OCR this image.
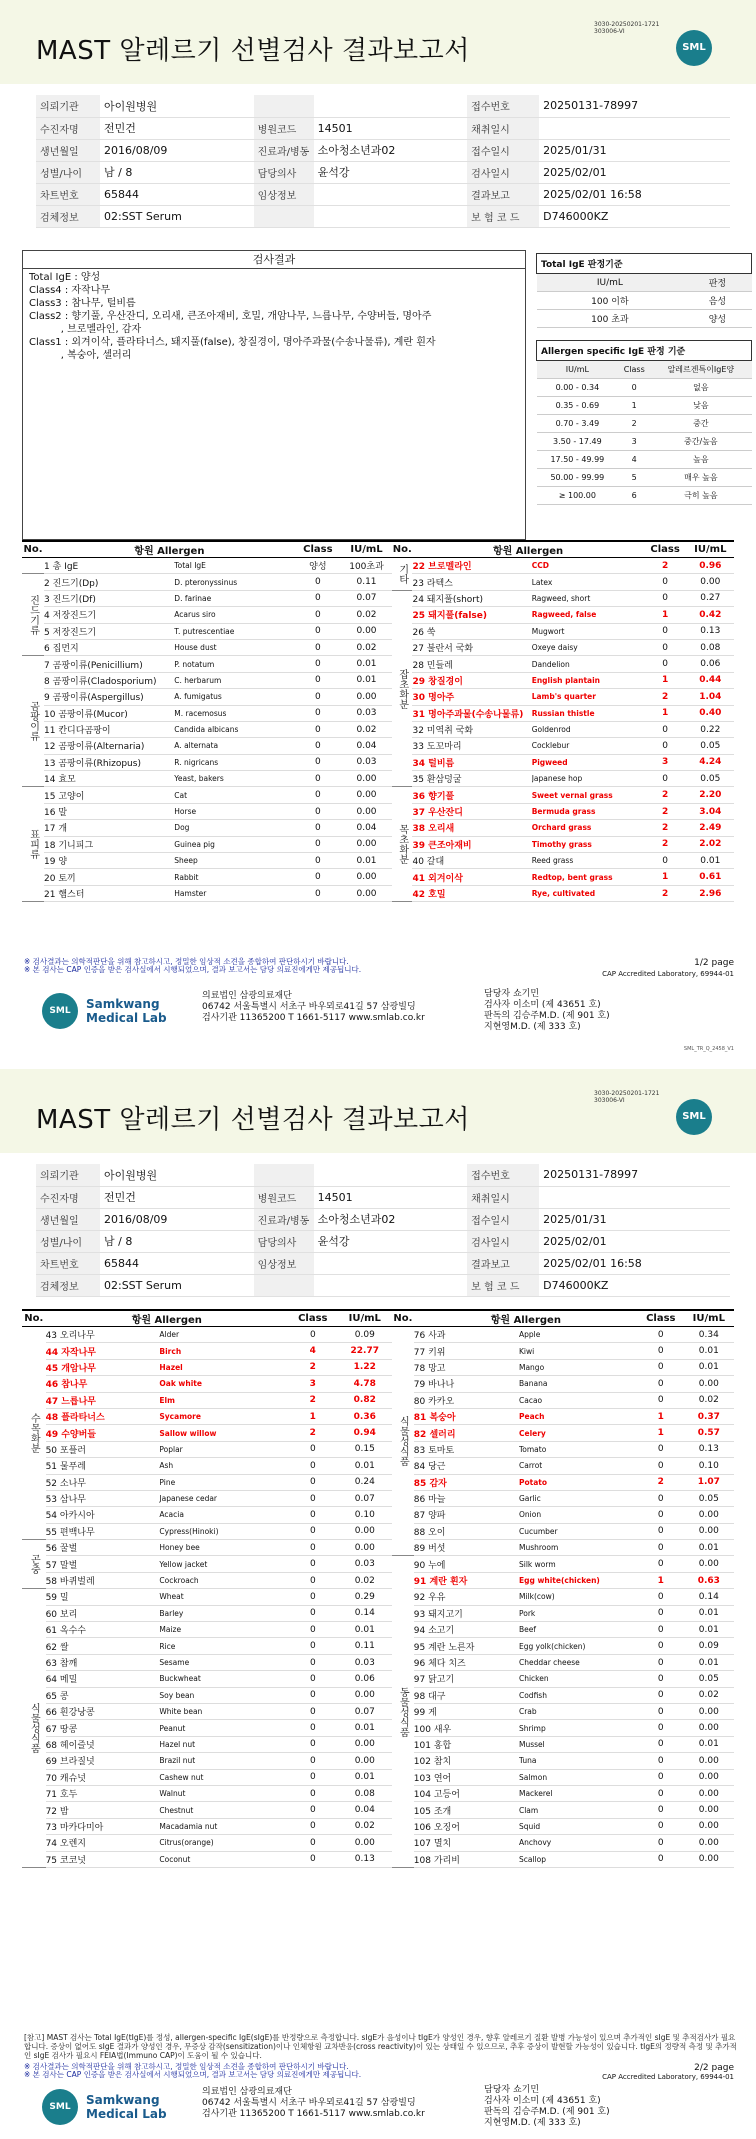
MAST 알레르기 선별검사 결과보고서
3030-20250201-1721
303006-VI
SML
의뢰기관	아이원병원			접수번호	20250131-78997
수진자명	전민건	병원코드	14501	채취일시	
생년월일	2016/08/09	진료과/병동	소아청소년과02	접수일시	2025/01/31
성별/나이	남 / 8	담당의사	윤석강	검사일시	2025/02/01
차트번호	65844	임상정보		결과보고	2025/02/01 16:58
검체정보	02:SST Serum			보 험 코 드	D746000KZ
검사결과
Total IgE : 양성
Class4 : 자작나무
Class3 : 참나무, 털비름
Class2 : 향기풀, 우산잔디, 오리새, 큰조아재비, 호밀, 개암나무, 느릅나무, 수양버들, 명아주
, 브로멜라인, 감자
Class1 : 외겨이삭, 플라타너스, 돼지풀(false), 창질경이, 명아주과물(수송나물류), 계란 흰자
, 복숭아, 셀러리
Total IgE 판정기준	
IU/mL	판정
100 이하	음성
100 초과	양성
Allergen specific IgE 판정 기준		
IU/mL	Class	알레르겐특이IgE양
0.00 - 0.34	0	없음
0.35 - 0.69	1	낮음
0.70 - 3.49	2	중간
3.50 - 17.49	3	중간/높음
17.50 - 49.99	4	높음
50.00 - 99.99	5	매우 높음
≥ 100.00	6	극히 높음
No.	항원 Allergen		Class	IU/mL
	1 총 IgE	Total IgE	양성	100초과
진드기류	2 진드기(Dp)	D. pteronyssinus	0	0.11
	3 진드기(Df)	D. farinae	0	0.07
	4 저장진드기	Acarus siro	0	0.02
	5 저장진드기	T. putrescentiae	0	0.00
	6 집먼지	House dust	0	0.02
곰팡이류	7 곰팡이류(Penicillium)	P. notatum	0	0.01
	8 곰팡이류(Cladosporium)	C. herbarum	0	0.01
	9 곰팡이류(Aspergillus)	A. fumigatus	0	0.00
	10 곰팡이류(Mucor)	M. racemosus	0	0.03
	11 칸디다곰팡이	Candida albicans	0	0.02
	12 곰팡이류(Alternaria)	A. alternata	0	0.04
	13 곰팡이류(Rhizopus)	R. nigricans	0	0.03
	14 효모	Yeast, bakers	0	0.00
표피류	15 고양이	Cat	0	0.00
	16 말	Horse	0	0.00
	17 개	Dog	0	0.04
	18 기니피그	Guinea pig	0	0.00
	19 양	Sheep	0	0.01
	20 토끼	Rabbit	0	0.00
	21 햄스터	Hamster	0	0.00
No.	항원 Allergen		Class	IU/mL
기타	22 브로멜라인	CCD	2	0.96
	23 라텍스	Latex	0	0.00
잡초화분	24 돼지풀(short)	Ragweed, short	0	0.27
	25 돼지풀(false)	Ragweed, false	1	0.42
	26 쑥	Mugwort	0	0.13
	27 불란서 국화	Oxeye daisy	0	0.08
	28 민들레	Dandelion	0	0.06
	29 창질경이	English plantain	1	0.44
	30 명아주	Lamb's quarter	2	1.04
	31 명아주과물(수송나물류)	Russian thistle	1	0.40
	32 미역취 국화	Goldenrod	0	0.22
	33 도꼬마리	Cocklebur	0	0.05
	34 털비름	Pigweed	3	4.24
	35 환삼덩굴	Japanese hop	0	0.05
목초화분	36 향기풀	Sweet vernal grass	2	2.20
	37 우산잔디	Bermuda grass	2	3.04
	38 오리새	Orchard grass	2	2.49
	39 큰조아재비	Timothy grass	2	2.02
	40 갈대	Reed grass	0	0.01
	41 외겨이삭	Redtop, bent grass	1	0.61
	42 호밀	Rye, cultivated	2	2.96
※ 검사결과는 의학적판단을 위해 참고하시고, 정밀한 임상적 소견을 종합하여 판단하시기 바랍니다.
※ 본 검사는 CAP 인증을 받은 검사실에서 시행되었으며, 결과 보고서는 담당 의료진에게만 제공됩니다.
1/2 page
CAP Accredited Laboratory, 69944-01
SML	Samkwang
Medical Lab
의료법인 삼광의료재단
06742 서울특별시 서초구 바우뫼로41길 57 삼광빌딩
검사기관 11365200 T 1661-5117 www.smlab.co.kr
담당자 쇼기민
검사자 이소미 (제 43651 호)
판독의 김승주M.D. (제 901 호)
지현영M.D. (제 333 호)
SML_TR_Q_2458_V1
MAST 알레르기 선별검사 결과보고서
3030-20250201-1721
303006-VI
SML
의뢰기관	아이원병원			접수번호	20250131-78997
수진자명	전민건	병원코드	14501	채취일시	
생년월일	2016/08/09	진료과/병동	소아청소년과02	접수일시	2025/01/31
성별/나이	남 / 8	담당의사	윤석강	검사일시	2025/02/01
차트번호	65844	임상정보		결과보고	2025/02/01 16:58
검체정보	02:SST Serum			보 험 코 드	D746000KZ
No.	항원 Allergen		Class	IU/mL
수목화분	43 오리나무	Alder	0	0.09
	44 자작나무	Birch	4	22.77
	45 개암나무	Hazel	2	1.22
	46 참나무	Oak white	3	4.78
	47 느릅나무	Elm	2	0.82
	48 플라타너스	Sycamore	1	0.36
	49 수양버들	Sallow willow	2	0.94
	50 포플러	Poplar	0	0.15
	51 물푸레	Ash	0	0.01
	52 소나무	Pine	0	0.24
	53 삼나무	Japanese cedar	0	0.07
	54 아카시아	Acacia	0	0.10
	55 편백나무	Cypress(Hinoki)	0	0.00
곤충	56 꿀벌	Honey bee	0	0.00
	57 말벌	Yellow jacket	0	0.03
	58 바퀴벌레	Cockroach	0	0.02
식물성식품	59 밀	Wheat	0	0.29
	60 보리	Barley	0	0.14
	61 옥수수	Maize	0	0.01
	62 쌀	Rice	0	0.11
	63 참깨	Sesame	0	0.03
	64 메밀	Buckwheat	0	0.06
	65 콩	Soy bean	0	0.00
	66 흰강낭콩	White bean	0	0.07
	67 땅콩	Peanut	0	0.01
	68 헤이즐넛	Hazel nut	0	0.00
	69 브라질넛	Brazil nut	0	0.00
	70 캐슈넛	Cashew nut	0	0.01
	71 호두	Walnut	0	0.08
	72 밤	Chestnut	0	0.04
	73 마카다미아	Macadamia nut	0	0.02
	74 오렌지	Citrus(orange)	0	0.00
	75 코코넛	Coconut	0	0.13
No.	항원 Allergen		Class	IU/mL
식물성식품	76 사과	Apple	0	0.34
	77 키위	Kiwi	0	0.01
	78 망고	Mango	0	0.01
	79 바나나	Banana	0	0.00
	80 카카오	Cacao	0	0.02
	81 복숭아	Peach	1	0.37
	82 셀러리	Celery	1	0.57
	83 토마토	Tomato	0	0.13
	84 당근	Carrot	0	0.10
	85 감자	Potato	2	1.07
	86 마늘	Garlic	0	0.05
	87 양파	Onion	0	0.00
	88 오이	Cucumber	0	0.00
	89 버섯	Mushroom	0	0.01
동물성식품	90 누에	Silk worm	0	0.00
	91 계란 흰자	Egg white(chicken)	1	0.63
	92 우유	Milk(cow)	0	0.14
	93 돼지고기	Pork	0	0.01
	94 소고기	Beef	0	0.01
	95 계란 노른자	Egg yolk(chicken)	0	0.09
	96 체다 치즈	Cheddar cheese	0	0.01
	97 닭고기	Chicken	0	0.05
	98 대구	Codfish	0	0.02
	99 게	Crab	0	0.00
	100 새우	Shrimp	0	0.00
	101 홍합	Mussel	0	0.01
	102 참치	Tuna	0	0.00
	103 연어	Salmon	0	0.00
	104 고등어	Mackerel	0	0.00
	105 조개	Clam	0	0.00
	106 오징어	Squid	0	0.00
	107 멸치	Anchovy	0	0.00
	108 가리비	Scallop	0	0.00
[참고] MAST 검사는 Total IgE(tIgE)를 정성, allergen-specific IgE(sIgE)를 반정량으로 측정합니다. sIgE가 음성이나 tIgE가 양성인 경우, 향후 알레르기 질환 발병 가능성이 있으며 추가적인 sIgE 및 추적검사가 필요합니다. 증상이 없어도 sIgE 결과가 양성인 경우, 무증상 감작(sensitization)이나 인체항원 교차반응(cross reactivity)이 있는 상태일 수 있으므로, 추후 증상이 발현할 가능성이 있습니다. tIgE의 정량적 측정 및 추가적인 sIgE 검사가 필요시 FEIA법(Immuno CAP)이 도움이 될 수 있습니다.
※ 검사결과는 의학적판단을 위해 참고하시고, 정밀한 임상적 소견을 종합하여 판단하시기 바랍니다.
※ 본 검사는 CAP 인증을 받은 검사실에서 시행되었으며, 결과 보고서는 담당 의료진에게만 제공됩니다.
2/2 page
CAP Accredited Laboratory, 69944-01
SML	Samkwang
Medical Lab
의료법인 삼광의료재단
06742 서울특별시 서초구 바우뫼로41길 57 삼광빌딩
검사기관 11365200 T 1661-5117 www.smlab.co.kr
담당자 쇼기민
검사자 이소미 (제 43651 호)
판독의 김승주M.D. (제 901 호)
지현영M.D. (제 333 호)
